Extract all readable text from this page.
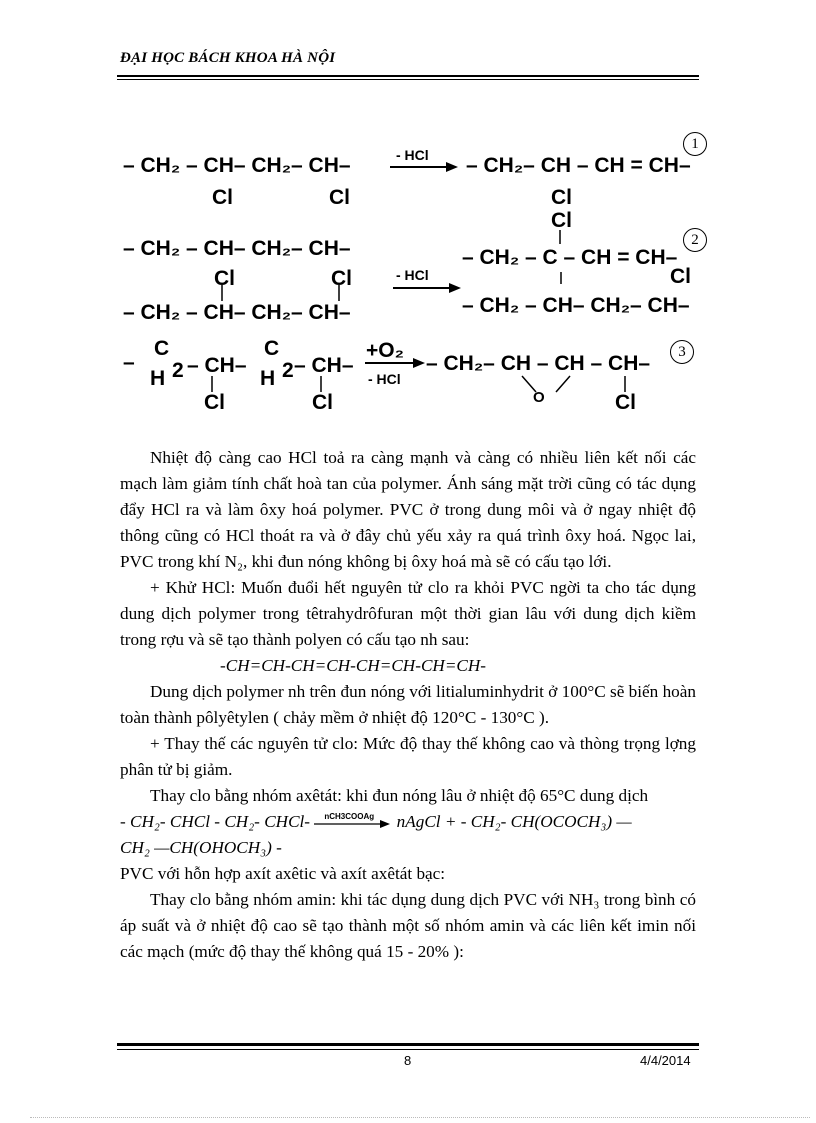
ĐẠI HỌC BÁCH KHOA HÀ NỘI
– CH₂ – CH– CH₂– CH–
Cl	Cl
- HCl – CH₂– CH – CH = CH–
Cl
1
– CH₂ – CH– CH₂– CH–
Cl	Cl
– CH₂ – CH– CH₂– CH–
- HCl
Cl
– CH₂ – C – CH = CH–
Cl
– CH₂ – CH– CH₂– CH–
2
–
C
H 2 – CH–
Cl
C
H 2 – CH–
Cl
+O₂
- HCl
– CH₂– CH – CH – CH–
O	Cl
3

Nhiệt độ càng cao HCl toả ra càng mạnh và càng có nhiều liên kết nối các mạch làm giảm tính chất hoà tan của polymer. Ánh sáng mặt trời cũng có tác dụng đẩy HCl ra và làm ôxy hoá polymer. PVC ở trong dung môi và ở ngay nhiệt độ thông cũng có HCl thoát ra và ở đây chủ yếu xảy ra quá trình ôxy hoá. Ngọc lai, PVC trong khí N₂, khi đun nóng không bị ôxy hoá mà sẽ có cấu tạo lới.

+ Khử HCl: Muốn đuổi hết nguyên tử clo ra khỏi PVC ngời ta cho tác dụng dung dịch polymer trong têtrahydrôfuran một thời gian lâu với dung dịch kiềm trong rợu và sẽ tạo thành polyen có cấu tạo nh sau:

-CH=CH-CH=CH-CH=CH-CH=CH-

Dung dịch polymer nh trên đun nóng với litialuminhydrit ở 100°C sẽ biến hoàn toàn thành pôlyêtylen ( chảy mềm ở nhiệt độ 120°C - 130°C ).

+ Thay thế các nguyên tử clo: Mức độ thay thế không cao và thòng trọng lợng phân tử bị giảm.

Thay clo bằng nhóm axêtát: khi đun nóng lâu ở nhiệt độ 65°C dung dịch

- CH₂- CHCl - CH₂- CHCl- nCH3COOAg nAgCl + - CH₂- CH(OCOCH₃) —

CH₂ —CH(OHOCH₃) -

PVC với hỗn hợp axít axêtic và axít axêtát bạc:

Thay clo bằng nhóm amin: khi tác dụng dung dịch PVC với NH₃ trong bình có áp suất và ở nhiệt độ cao sẽ tạo thành một số nhóm amin và các liên kết imin nối các mạch (mức độ thay thế không quá 15 - 20% ):

8	4/4/2014
